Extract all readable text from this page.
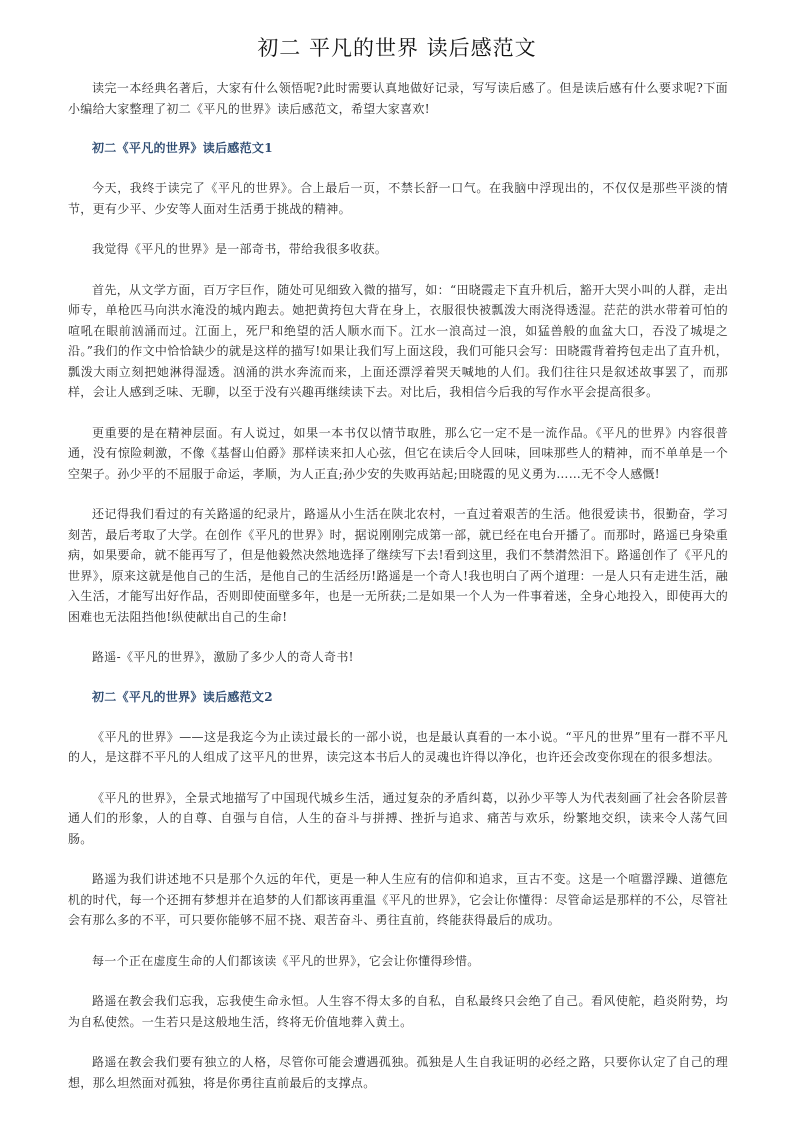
初二 平凡的世界 读后感范文

读完一本经典名著后，大家有什么领悟呢?此时需要认真地做好记录，写写读后感了。但是读后感有什么要求呢?下面小编给大家整理了初二《平凡的世界》读后感范文，希望大家喜欢!

初二《平凡的世界》读后感范文1

今天，我终于读完了《平凡的世界》。合上最后一页，不禁长舒一口气。在我脑中浮现出的，不仅仅是那些平淡的情节，更有少平、少安等人面对生活勇于挑战的精神。

我觉得《平凡的世界》是一部奇书，带给我很多收获。

首先，从文学方面，百万字巨作，随处可见细致入微的描写，如：“田晓霞走下直升机后，豁开大哭小叫的人群，走出师专，单枪匹马向洪水淹没的城内跑去。她把黄挎包大背在身上，衣服很快被瓢泼大雨浇得透湿。茫茫的洪水带着可怕的喧吼在眼前汹涌而过。江面上，死尸和绝望的活人顺水而下。江水一浪高过一浪，如猛兽般的血盆大口，吞没了城堤之沿。”我们的作文中恰恰缺少的就是这样的描写!如果让我们写上面这段，我们可能只会写：田晓霞背着挎包走出了直升机，瓢泼大雨立刻把她淋得湿透。汹涌的洪水奔流而来，上面还漂浮着哭天喊地的人们。我们往往只是叙述故事罢了，而那样，会让人感到乏味、无聊，以至于没有兴趣再继续读下去。对比后，我相信今后我的写作水平会提高很多。

更重要的是在精神层面。有人说过，如果一本书仅以情节取胜，那么它一定不是一流作品。《平凡的世界》内容很普通，没有惊险刺激，不像《基督山伯爵》那样读来扣人心弦，但它在读后令人回味，回味那些人的精神，而不单单是一个空架子。孙少平的不屈服于命运，孝顺，为人正直;孙少安的失败再站起;田晓霞的见义勇为……无不令人感慨!

还记得我们看过的有关路遥的纪录片，路遥从小生活在陕北农村，一直过着艰苦的生活。他很爱读书，很勤奋，学习刻苦，最后考取了大学。在创作《平凡的世界》时，据说刚刚完成第一部，就已经在电台开播了。而那时，路遥已身染重病，如果要命，就不能再写了，但是他毅然决然地选择了继续写下去!看到这里，我们不禁潸然泪下。路遥创作了《平凡的世界》，原来这就是他自己的生活，是他自己的生活经历!路遥是一个奇人!我也明白了两个道理：一是人只有走进生活，融入生活，才能写出好作品，否则即使面壁多年，也是一无所获;二是如果一个人为一件事着迷，全身心地投入，即使再大的困难也无法阻挡他!纵使献出自己的生命!

路遥-《平凡的世界》，激励了多少人的奇人奇书!

初二《平凡的世界》读后感范文2

《平凡的世界》——这是我迄今为止读过最长的一部小说，也是最认真看的一本小说。“平凡的世界”里有一群不平凡的人，是这群不平凡的人组成了这平凡的世界，读完这本书后人的灵魂也许得以净化，也许还会改变你现在的很多想法。

《平凡的世界》，全景式地描写了中国现代城乡生活，通过复杂的矛盾纠葛，以孙少平等人为代表刻画了社会各阶层普通人们的形象，人的自尊、自强与自信，人生的奋斗与拼搏、挫折与追求、痛苦与欢乐，纷繁地交织，读来令人荡气回肠。

路遥为我们讲述地不只是那个久远的年代，更是一种人生应有的信仰和追求，亘古不变。这是一个喧嚣浮躁、道德危机的时代，每一个还拥有梦想并在追梦的人们都该再重温《平凡的世界》，它会让你懂得：尽管命运是那样的不公，尽管社会有那么多的不平，可只要你能够不屈不挠、艰苦奋斗、勇往直前，终能获得最后的成功。

每一个正在虚度生命的人们都该读《平凡的世界》，它会让你懂得珍惜。

路遥在教会我们忘我，忘我使生命永恒。人生容不得太多的自私，自私最终只会绝了自己。看风使舵，趋炎附势，均为自私使然。一生若只是这般地生活，终将无价值地葬入黄土。

路遥在教会我们要有独立的人格，尽管你可能会遭遇孤独。孤独是人生自我证明的必经之路，只要你认定了自己的理想，那么坦然面对孤独，将是你勇往直前最后的支撑点。
